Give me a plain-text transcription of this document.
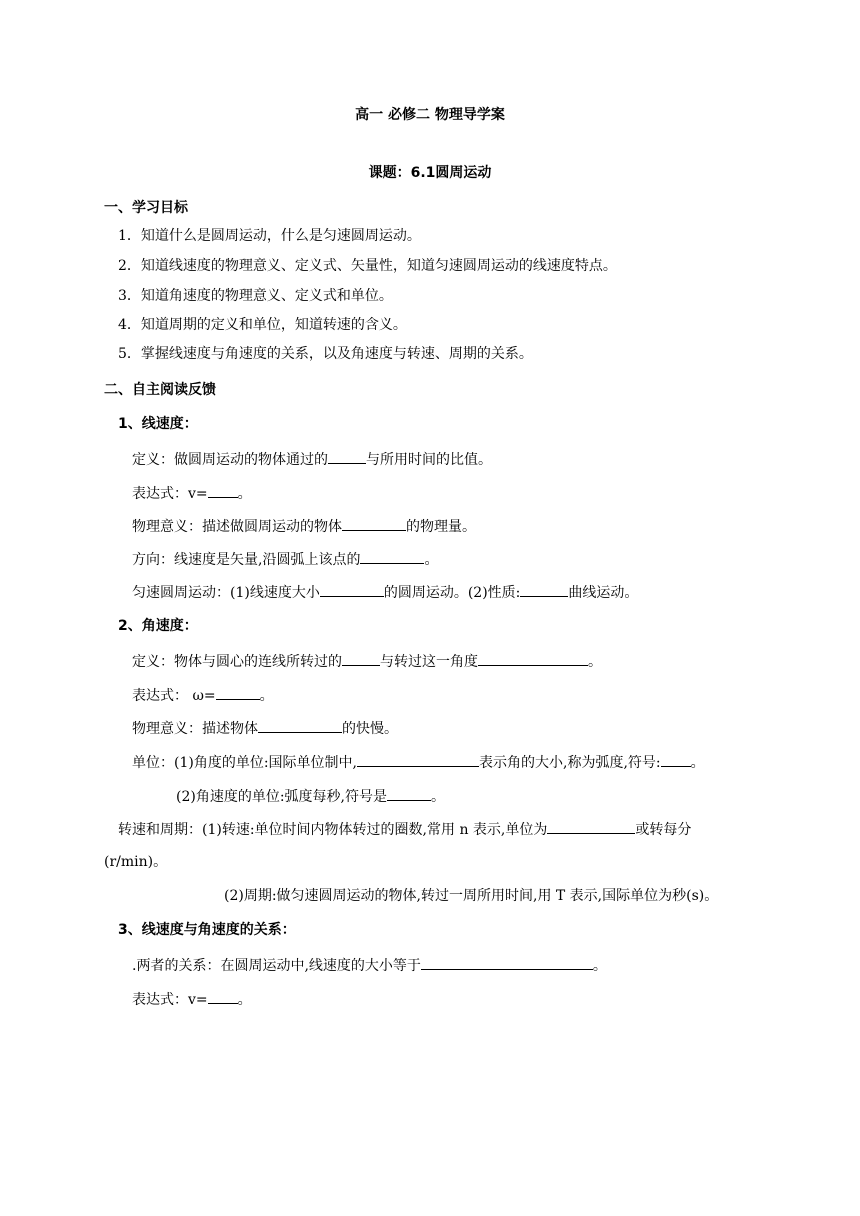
高一 必修二 物理导学案
课题：6.1圆周运动
一、学习目标
1．知道什么是圆周运动，什么是匀速圆周运动。
2．知道线速度的物理意义、定义式、矢量性，知道匀速圆周运动的线速度特点。
3．知道角速度的物理意义、定义式和单位。
4．知道周期的定义和单位，知道转速的含义。
5．掌握线速度与角速度的关系，以及角速度与转速、周期的关系。
二、自主阅读反馈
1、线速度：
定义：做圆周运动的物体通过的	与所用时间的比值。
表达式：v= 。
物理意义：描述做圆周运动的物体	的物理量。
方向：线速度是矢量,沿圆弧上该点的	。
匀速圆周运动：(1)线速度大小	的圆周运动。(2)性质:	曲线运动。
2、角速度：
定义：物体与圆心的连线所转过的	与转过这一角度	。
表达式： ω=	。
物理意义：描述物体	的快慢。
单位：(1)角度的单位:国际单位制中,	表示角的大小,称为弧度,符号: 。
(2)角速度的单位:弧度每秒,符号是	。
转速和周期：(1)转速:单位时间内物体转过的圈数,常用 n 表示,单位为	或转每分
(r/min)。
(2)周期:做匀速圆周运动的物体,转过一周所用时间,用 T 表示,国际单位为秒(s)。
3、线速度与角速度的关系：
.两者的关系：在圆周运动中,线速度的大小等于	。
表达式：v= 。
